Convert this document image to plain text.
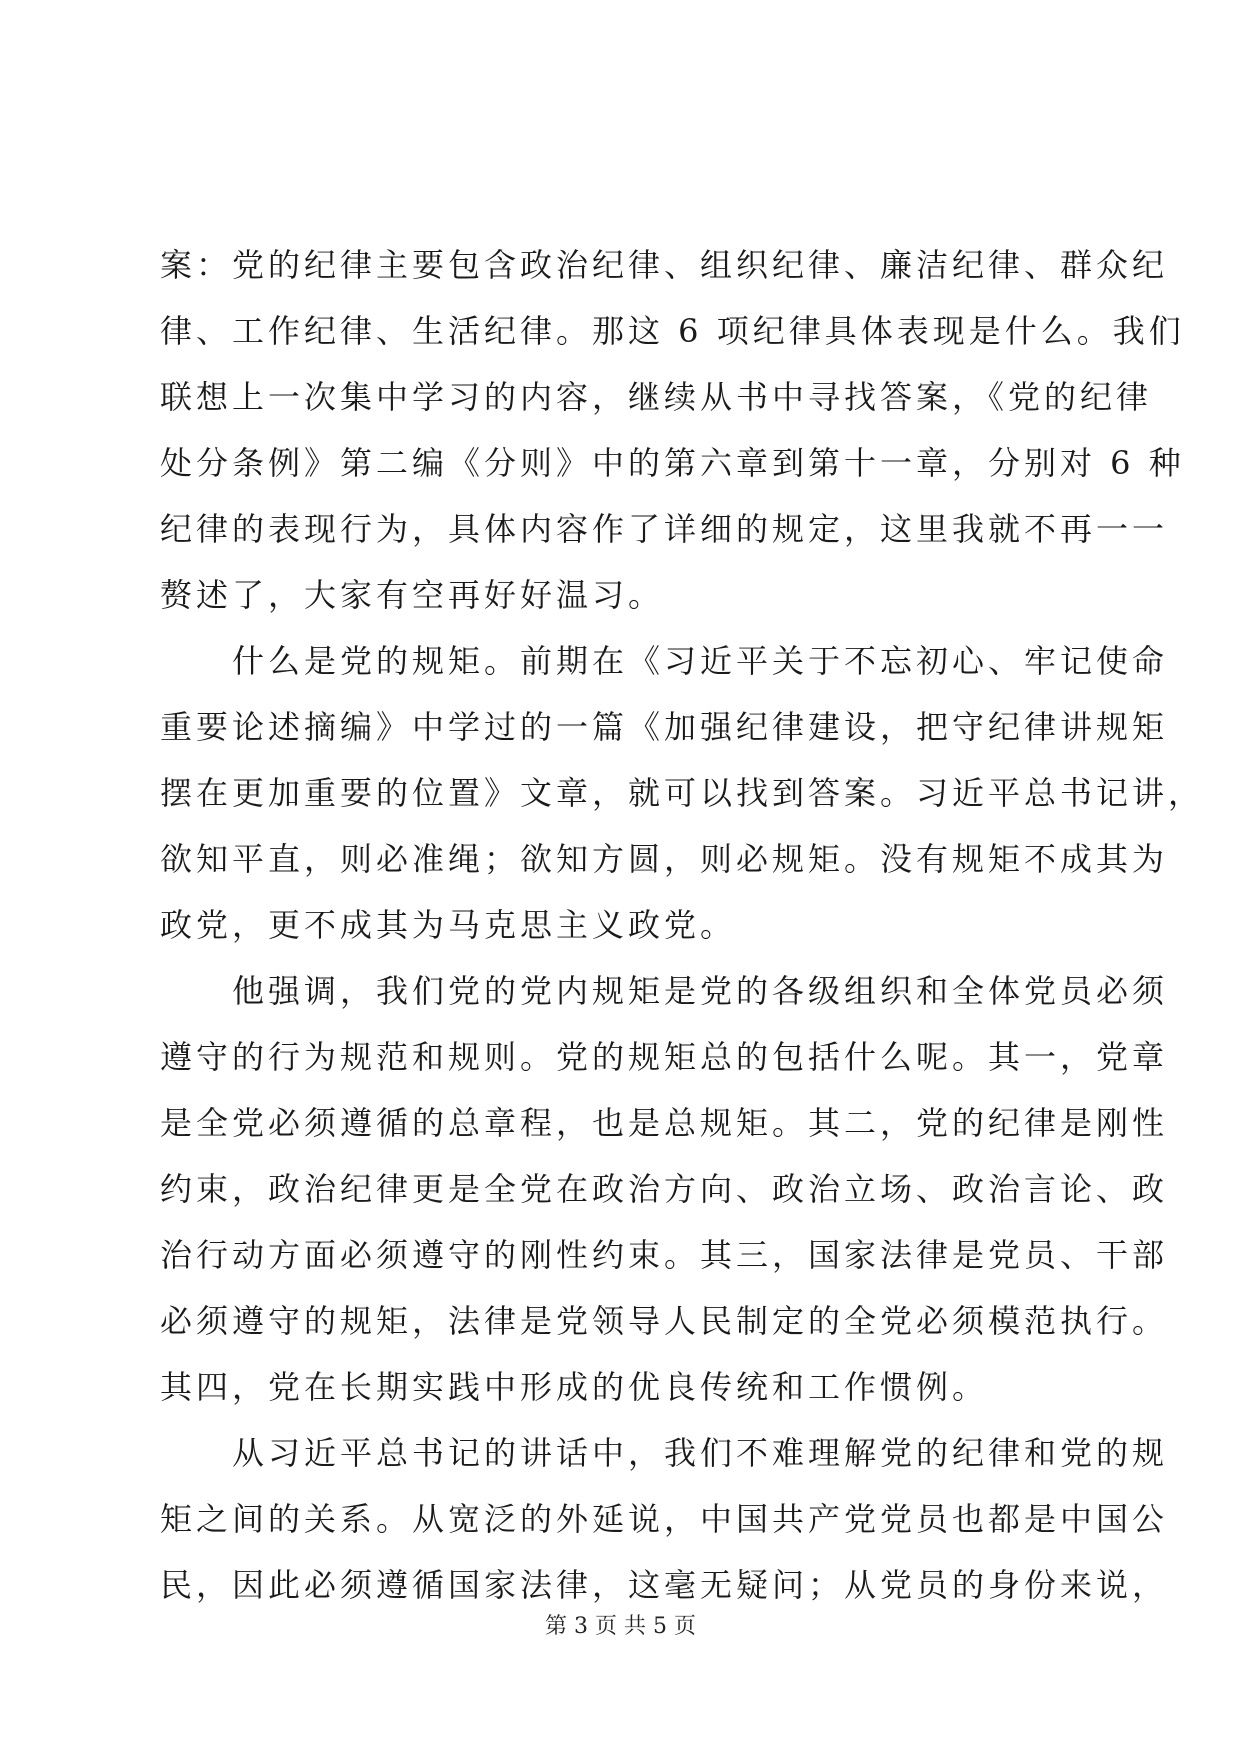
案：党的纪律主要包含政治纪律、组织纪律、廉洁纪律、群众纪
律、工作纪律、生活纪律。那这 6 项纪律具体表现是什么。我们
联想上一次集中学习的内容，继续从书中寻找答案，《党的纪律
处分条例》第二编《分则》中的第六章到第十一章，分别对 6 种
纪律的表现行为，具体内容作了详细的规定，这里我就不再一一
赘述了，大家有空再好好温习。
什么是党的规矩。前期在《习近平关于不忘初心、牢记使命
重要论述摘编》中学过的一篇《加强纪律建设，把守纪律讲规矩
摆在更加重要的位置》文章，就可以找到答案。习近平总书记讲，
欲知平直，则必准绳；欲知方圆，则必规矩。没有规矩不成其为
政党，更不成其为马克思主义政党。
他强调，我们党的党内规矩是党的各级组织和全体党员必须
遵守的行为规范和规则。党的规矩总的包括什么呢。其一，党章
是全党必须遵循的总章程，也是总规矩。其二，党的纪律是刚性
约束，政治纪律更是全党在政治方向、政治立场、政治言论、政
治行动方面必须遵守的刚性约束。其三，国家法律是党员、干部
必须遵守的规矩，法律是党领导人民制定的全党必须模范执行。
其四，党在长期实践中形成的优良传统和工作惯例。
从习近平总书记的讲话中，我们不难理解党的纪律和党的规
矩之间的关系。从宽泛的外延说，中国共产党党员也都是中国公
民，因此必须遵循国家法律，这毫无疑问；从党员的身份来说，
第 3 页 共 5 页
